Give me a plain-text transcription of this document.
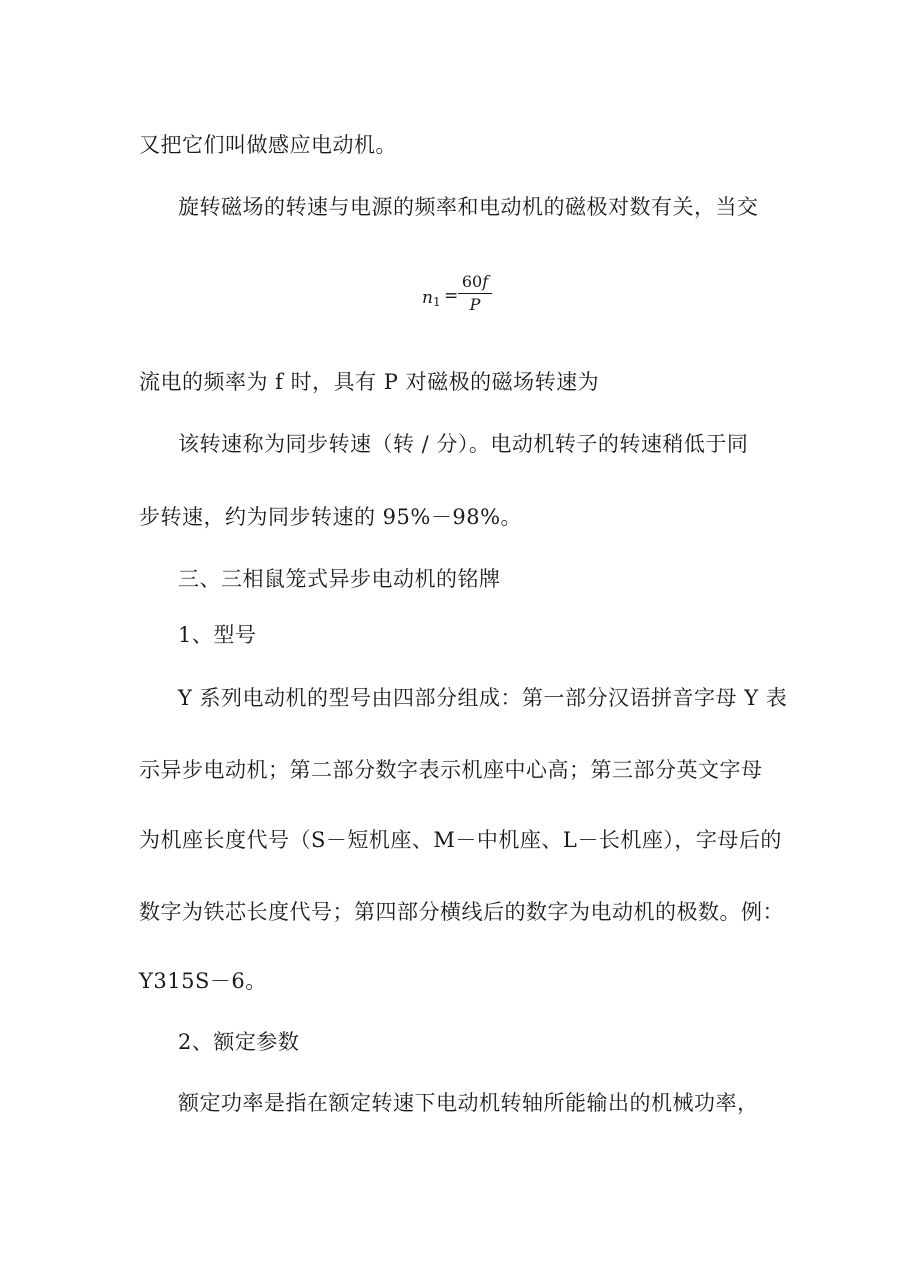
又把它们叫做感应电动机。
旋转磁场的转速与电源的频率和电动机的磁极对数有关，当交
$n_1$ =
60f
P
流电的频率为 f 时，具有 P 对磁极的磁场转速为
该转速称为同步转速（转 / 分）。电动机转子的转速稍低于同
步转速，约为同步转速的 95%－98%。
三、三相鼠笼式异步电动机的铭牌
1、型号
Y 系列电动机的型号由四部分组成：第一部分汉语拼音字母 Y 表
示异步电动机；第二部分数字表示机座中心高；第三部分英文字母
为机座长度代号（S－短机座、M－中机座、L－长机座），字母后的
数字为铁芯长度代号；第四部分横线后的数字为电动机的极数。例：
Y315S－6。
2、额定参数
额定功率是指在额定转速下电动机转轴所能输出的机械功率，
